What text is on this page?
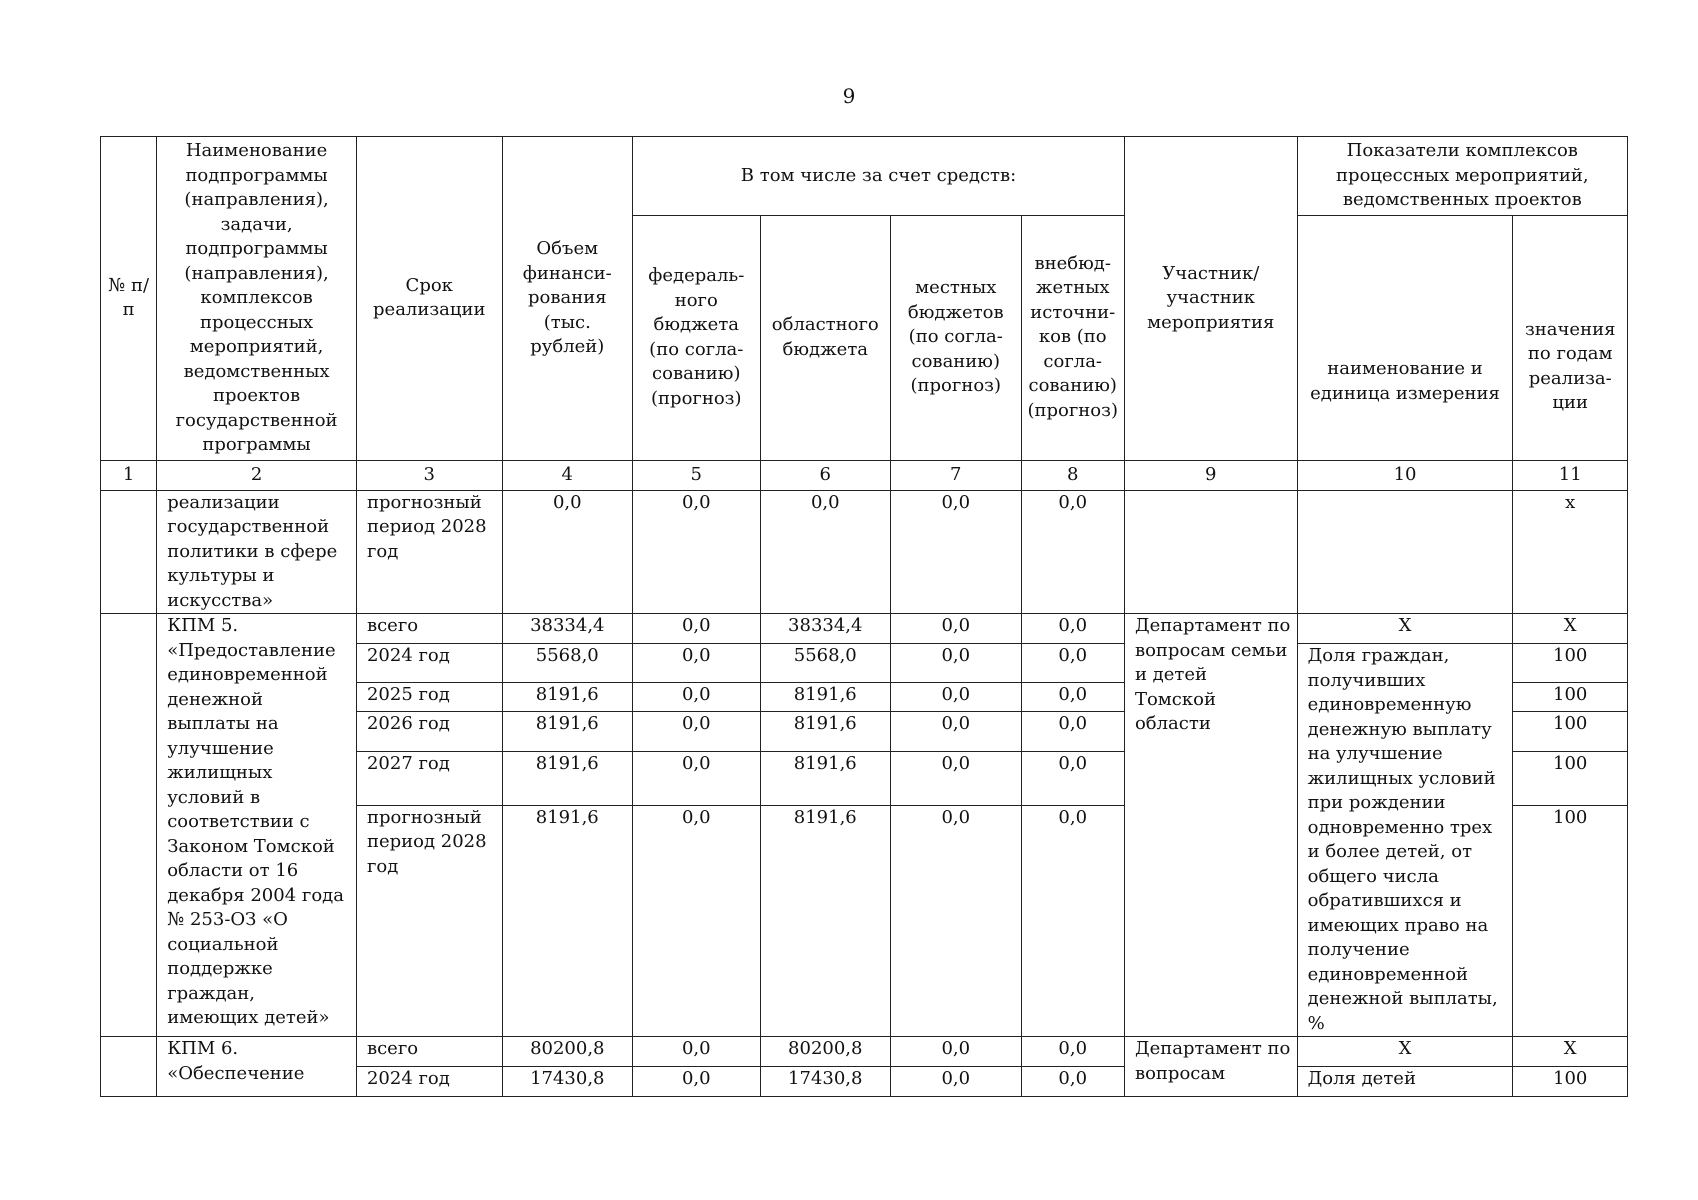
9
№ п/п	Наименование подпрограммы (направления), задачи, подпрограммы (направления), комплексов процессных мероприятий, ведомственных проектов государственной программы	Срок реализации	Объем финанси-рования (тыс. рублей)	В том числе за счет средств:				Участник/ участник мероприятия	Показатели комплексов процессных мероприятий, ведомственных проектов	
				федераль-ного бюджета (по согла-сованию) (прогноз)	областного бюджета	местных бюджетов (по согла-сованию) (прогноз)	внебюд-жетных источни-ков (по согла-сованию) (прогноз)		наименование и единица измерения	значения по годам реализа-ции
1	2	3	4	5	6	7	8	9	10	11
	реализации государственной политики в сфере культуры и искусства»	прогнозный период 2028 год	0,0	0,0	0,0	0,0	0,0			x
	КПМ 5. «Предоставление единовременной денежной выплаты на улучшение жилищных условий в соответствии с Законом Томской области от 16 декабря 2004 года № 253-ОЗ «О социальной поддержке граждан, имеющих детей»	всего	38334,4	0,0	38334,4	0,0	0,0	Департамент по вопросам семьи и детей Томской области	Х	Х
		2024 год	5568,0	0,0	5568,0	0,0	0,0		Доля граждан, получивших единовременную денежную выплату на улучшение жилищных условий при рождении одновременно трех и более детей, от общего числа обратившихся и имеющих право на получение единовременной денежной выплаты, %	100
		2025 год	8191,6	0,0	8191,6	0,0	0,0			100
		2026 год	8191,6	0,0	8191,6	0,0	0,0			100
		2027 год	8191,6	0,0	8191,6	0,0	0,0			100
		прогнозный период 2028 год	8191,6	0,0	8191,6	0,0	0,0			100
	КПМ 6. «Обеспечение	всего	80200,8	0,0	80200,8	0,0	0,0	Департамент по вопросам	Х	Х
		2024 год	17430,8	0,0	17430,8	0,0	0,0		Доля детей	100
